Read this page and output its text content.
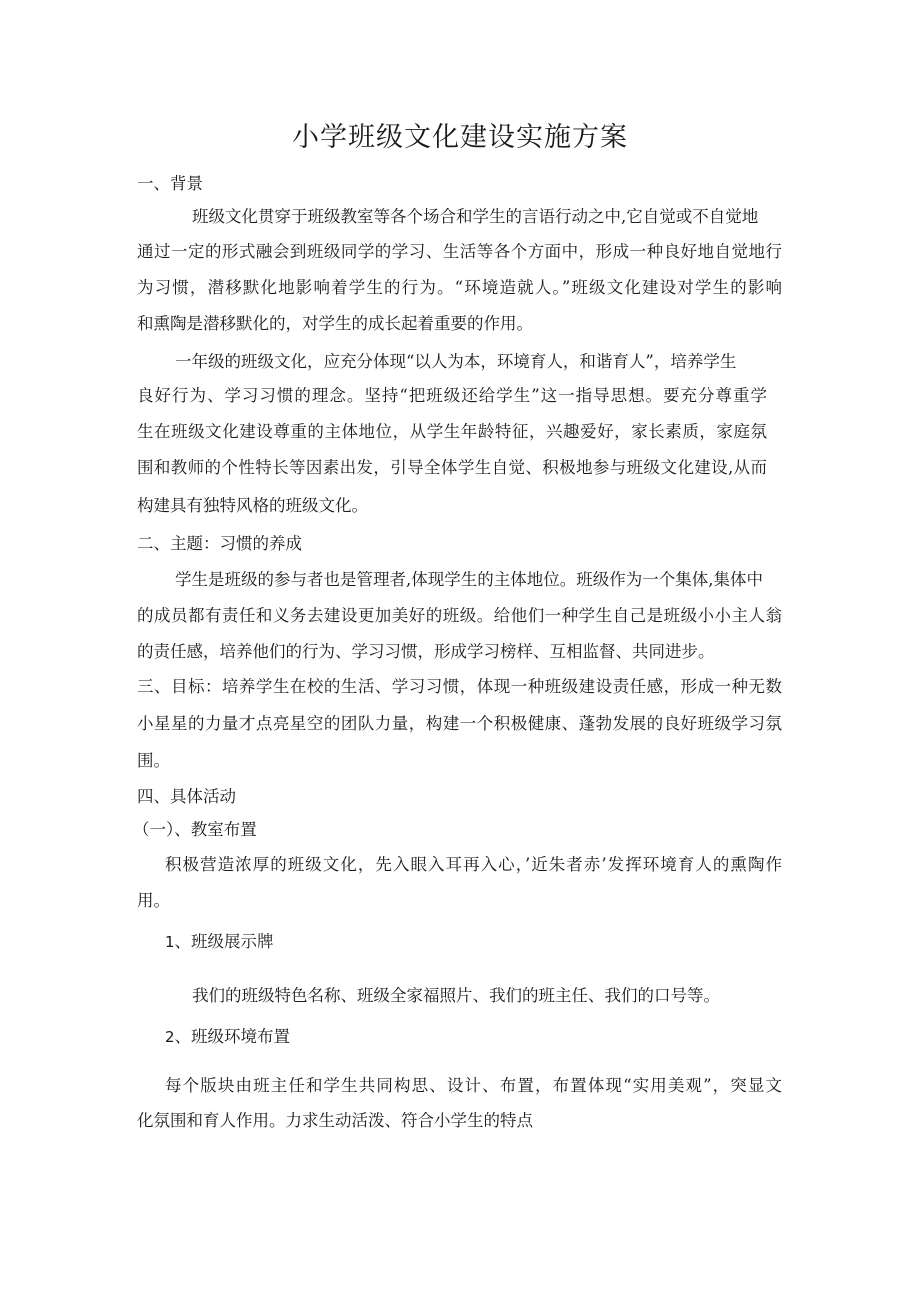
小学班级文化建设实施方案

一、背景

班级文化贯穿于班级教室等各个场合和学生的言语行动之中,它自觉或不自觉地

通过一定的形式融会到班级同学的学习、生活等各个方面中，形成一种良好地自觉地行

为习惯，潜移默化地影响着学生的行为。“环境造就人。”班级文化建设对学生的影响

和熏陶是潜移默化的，对学生的成长起着重要的作用。

一年级的班级文化，应充分体现“以人为本，环境育人，和谐育人”，培养学生

良好行为、学习习惯的理念。坚持“把班级还给学生”这一指导思想。要充分尊重学

生在班级文化建设尊重的主体地位，从学生年龄特征，兴趣爱好，家长素质，家庭氛

围和教师的个性特长等因素出发，引导全体学生自觉、积极地参与班级文化建设,从而

构建具有独特风格的班级文化。

二、主题：习惯的养成

学生是班级的参与者也是管理者,体现学生的主体地位。班级作为一个集体,集体中

的成员都有责任和义务去建设更加美好的班级。给他们一种学生自己是班级小小主人翁

的责任感，培养他们的行为、学习习惯，形成学习榜样、互相监督、共同进步。

三、目标：培养学生在校的生活、学习习惯，体现一种班级建设责任感，形成一种无数

小星星的力量才点亮星空的团队力量，构建一个积极健康、蓬勃发展的良好班级学习氛

围。

四、具体活动

（一）、教室布置

积极营造浓厚的班级文化，先入眼入耳再入心，’近朱者赤’发挥环境育人的熏陶作

用。

1、班级展示牌

我们的班级特色名称、班级全家福照片、我们的班主任、我们的口号等。

2、班级环境布置

每个版块由班主任和学生共同构思、设计、布置，布置体现“实用美观”，突显文

化氛围和育人作用。力求生动活泼、符合小学生的特点
